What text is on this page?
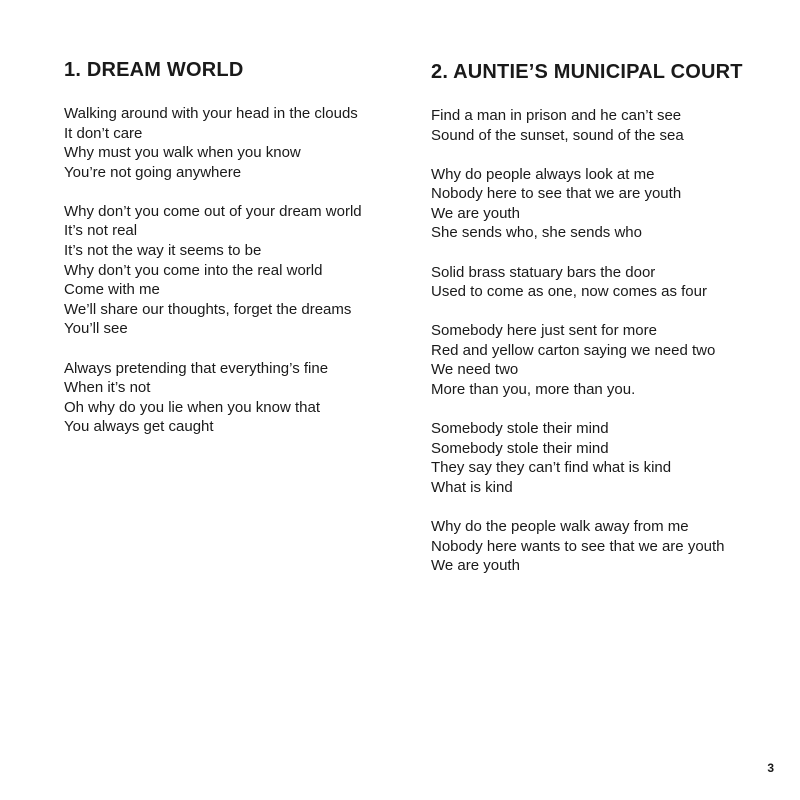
1. DREAM WORLD
Walking around with your head in the clouds
It don’t care
Why must you walk when you know
You’re not going anywhere
Why don’t you come out of your dream world
It’s not real
It’s not the way it seems to be
Why don’t you come into the real world
Come with me
We’ll share our thoughts, forget the dreams
You’ll see
Always pretending that everything’s fine
When it’s not
Oh why do you lie when you know that
You always get caught
2. AUNTIE’S MUNICIPAL COURT
Find a man in prison and he can’t see
Sound of the sunset, sound of the sea
Why do people always look at me
Nobody here to see that we are youth
We are youth
She sends who, she sends who
Solid brass statuary bars the door
Used to come as one, now comes as four
Somebody here just sent for more
Red and yellow carton saying we need two
We need two
More than you, more than you.
Somebody stole their mind
Somebody stole their mind
They say they can’t find what is kind
What is kind
Why do the people walk away from me
Nobody here wants to see that we are youth
We are youth
3
